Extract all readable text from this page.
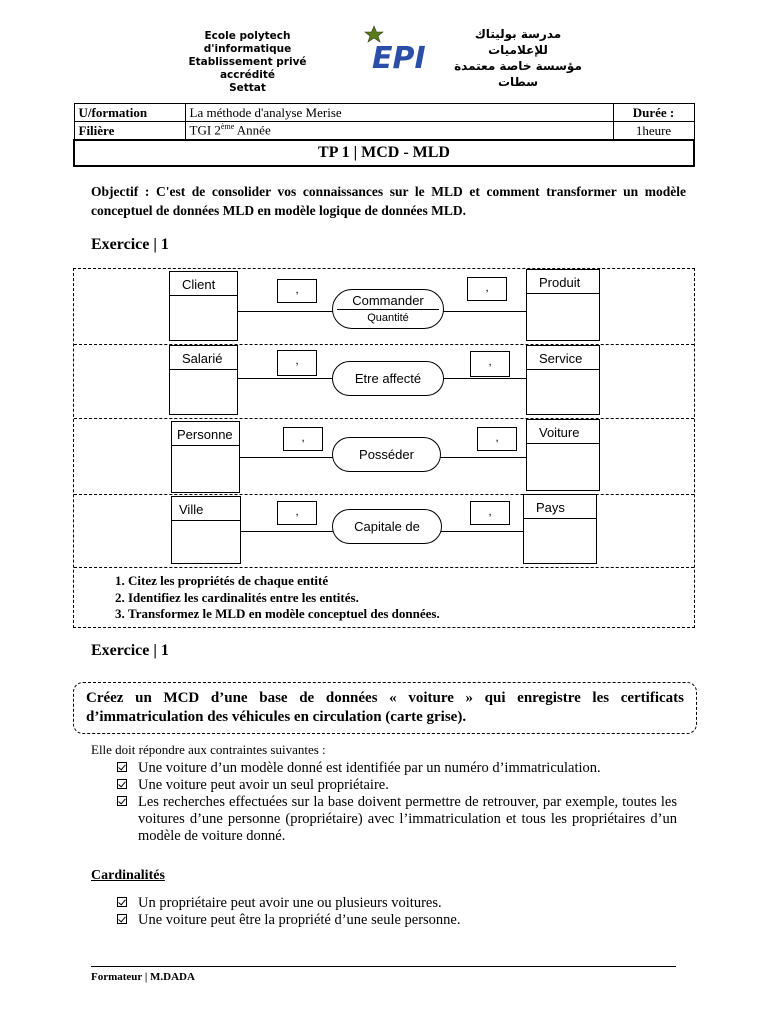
Ecole polytech d'informatique
Etablissement privé accrédité
Settat
EPI
مدرسة بوليتاك للإعلاميات
مؤسسة خاصة معتمدة
سطات
U/formation	La méthode d'analyse Merise	Durée :
Filière	TGI 2ème Année	1heure
TP 1 | MCD - MLD		
Objectif : C'est de consolider vos connaissances sur le MLD et comment transformer un modèle conceptuel de données MLD en modèle logique de données MLD.
Exercice | 1
Client	,
Commander
Quantité
,	Produit
Salarié	,
Etre affecté
,	Service
Personne	,
Posséder
,	Voiture
Ville	,
Capitale de
,	Pays
1. Citez les propriétés de chaque entité
2. Identifiez les cardinalités entre les entités.
3. Transformez le MLD en modèle conceptuel des données.
Exercice | 1
Créez un MCD d’une base de données « voiture » qui enregistre les certificats d’immatriculation des véhicules en circulation (carte grise).
Elle doit répondre aux contraintes suivantes :
Une voiture d’un modèle donné est identifiée par un numéro d’immatriculation.
Une voiture peut avoir un seul propriétaire.
Les recherches effectuées sur la base doivent permettre de retrouver, par exemple, toutes les voitures d’une personne (propriétaire) avec l’immatriculation et tous les propriétaires d’un modèle de voiture donné.
Cardinalités
Un propriétaire peut avoir une ou plusieurs voitures.
Une voiture peut être la propriété d’une seule personne.
Formateur | M.DADA
